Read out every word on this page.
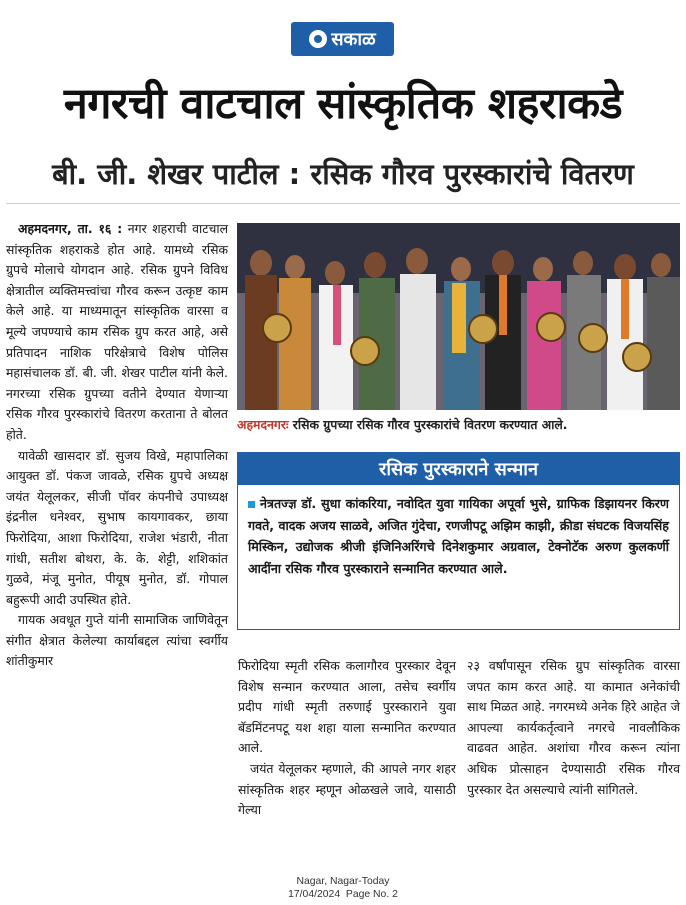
सकाळ
नगरची वाटचाल सांस्कृतिक शहराकडे
बी. जी. शेखर पाटील : रसिक गौरव पुरस्कारांचे वितरण

अहमदनगर, ता. १६ : नगर शहराची वाटचाल सांस्कृतिक शहराकडे होत आहे. यामध्ये रसिक ग्रुपचे मोलाचे योगदान आहे. रसिक ग्रुपने विविध क्षेत्रातील व्यक्तिमत्त्वांचा गौरव करून उत्कृष्ट काम केले आहे. या माध्यमातून सांस्कृतिक वारसा व मूल्ये जपण्याचे काम रसिक ग्रुप करत आहे, असे प्रतिपादन नाशिक परिक्षेत्राचे विशेष पोलिस महासंचालक डॉ. बी. जी. शेखर पाटील यांनी केले. नगरच्या रसिक ग्रुपच्या वतीने देण्यात येणाऱ्या रसिक गौरव पुरस्कारांचे वितरण करताना ते बोलत होते.

यावेळी खासदार डॉ. सुजय विखे, महापालिका आयुक्त डॉ. पंकज जावळे, रसिक ग्रुपचे अध्यक्ष जयंत येलूलकर, सीजी पॉवर कंपनीचे उपाध्यक्ष इंद्रनील धनेश्वर, सुभाष कायगावकर, छाया फिरोदिया, आशा फिरोदिया, राजेश भंडारी, नीता गांधी, सतीश बोथरा, के. के. शेट्टी, शशिकांत गुळवे, मंजू मुनोत, पीयूष मुनोत, डॉ. गोपाल बहुरूपी आदी उपस्थित होते.

गायक अवधूत गुप्ते यांनी सामाजिक जाणिवेतून संगीत क्षेत्रात केलेल्या कार्याबद्दल त्यांचा स्वर्गीय शांतीकुमार

अहमदनगरः रसिक ग्रुपच्या रसिक गौरव पुरस्कारांचे वितरण करण्यात आले.
रसिक पुरस्काराने सन्मान
नेत्रतज्ज्ञ डॉ. सुधा कांकरिया, नवोदित युवा गायिका अपूर्वा भुसे, ग्राफिक डिझायनर किरण गवते, वादक अजय साळवे, अजित गुंदेचा, रणजीपटू अझिम काझी, क्रीडा संघटक विजयसिंह मिस्किन, उद्योजक श्रीजी इंजिनिअरिंगचे दिनेशकुमार अग्रवाल, टेक्नोटॅक अरुण कुलकर्णी आदींना रसिक गौरव पुरस्काराने सन्मानित करण्यात आले.

फिरोदिया स्मृती रसिक कलागौरव पुरस्कार देवून विशेष सन्मान करण्यात आला, तसेच स्वर्गीय प्रदीप गांधी स्मृती तरुणाई पुरस्काराने युवा बॅडमिंटनपटू यश शहा याला सन्मानित करण्यात आले.

जयंत येलूलकर म्हणाले, की आपले नगर शहर सांस्कृतिक शहर म्हणून ओळखले जावे, यासाठी गेल्या

२३ वर्षांपासून रसिक ग्रुप सांस्कृतिक वारसा जपत काम करत आहे. या कामात अनेकांची साथ मिळत आहे. नगरमध्ये अनेक हिरे आहेत जे आपल्या कार्यकर्तृत्वाने नगरचे नावलौकिक वाढवत आहेत. अशांचा गौरव करून त्यांना अधिक प्रोत्साहन देण्यासाठी रसिक गौरव पुरस्कार देत असल्याचे त्यांनी सांगितले.

Nagar, Nagar-Today
17/04/2024  Page No. 2
